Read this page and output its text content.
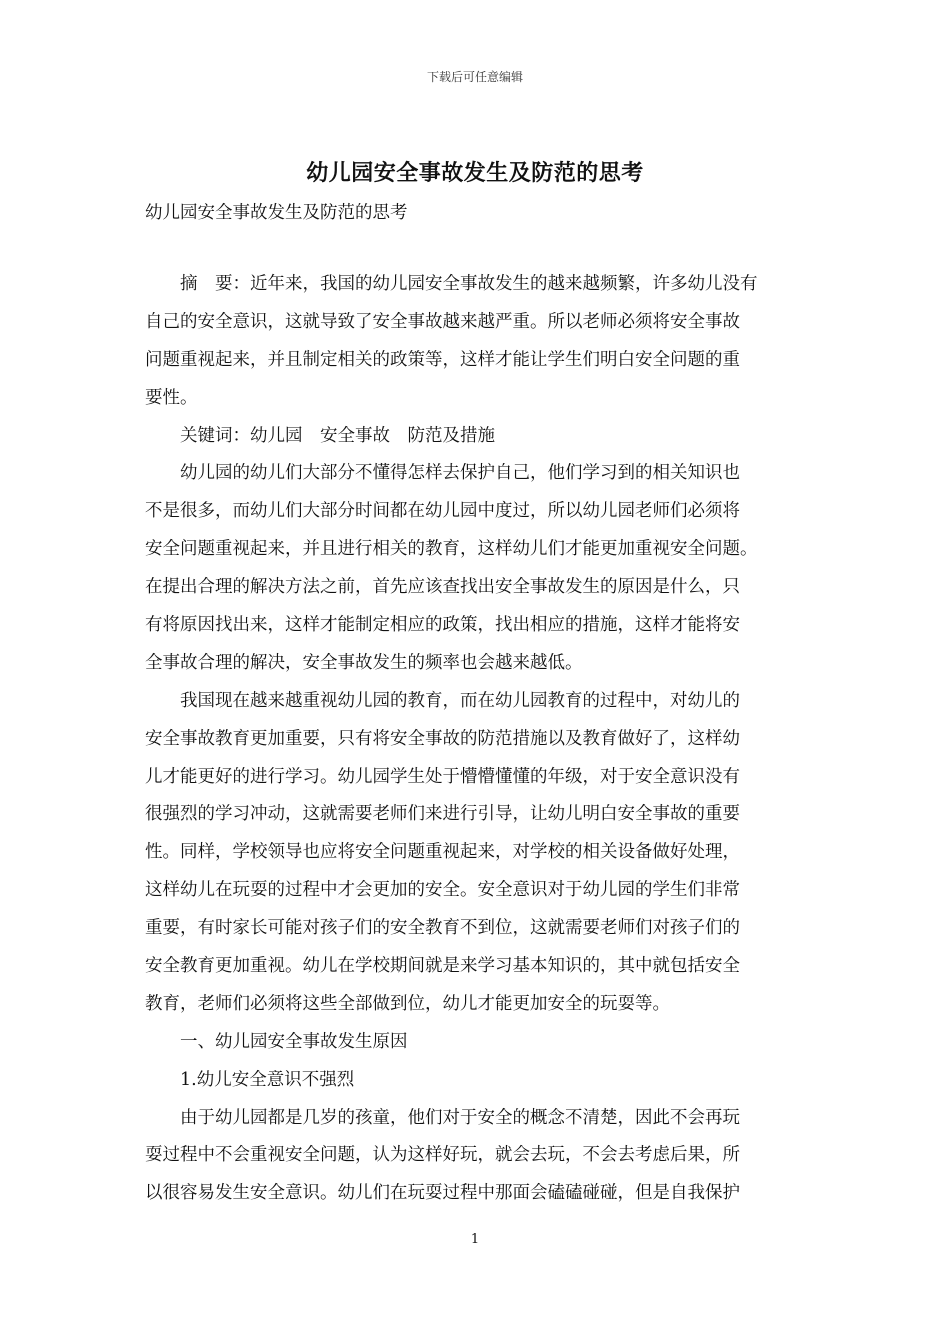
下载后可任意编辑
幼儿园安全事故发生及防范的思考
幼儿园安全事故发生及防范的思考
　　摘　要：近年来，我国的幼儿园安全事故发生的越来越频繁，许多幼儿没有
自己的安全意识，这就导致了安全事故越来越严重。所以老师必须将安全事故
问题重视起来，并且制定相关的政策等，这样才能让学生们明白安全问题的重
要性。
　　关键词：幼儿园　安全事故　防范及措施
　　幼儿园的幼儿们大部分不懂得怎样去保护自己，他们学习到的相关知识也
不是很多，而幼儿们大部分时间都在幼儿园中度过，所以幼儿园老师们必须将
安全问题重视起来，并且进行相关的教育，这样幼儿们才能更加重视安全问题。
在提出合理的解决方法之前，首先应该查找出安全事故发生的原因是什么，只
有将原因找出来，这样才能制定相应的政策，找出相应的措施，这样才能将安
全事故合理的解决，安全事故发生的频率也会越来越低。
　　我国现在越来越重视幼儿园的教育，而在幼儿园教育的过程中，对幼儿的
安全事故教育更加重要，只有将安全事故的防范措施以及教育做好了，这样幼
儿才能更好的进行学习。幼儿园学生处于懵懵懂懂的年级，对于安全意识没有
很强烈的学习冲动，这就需要老师们来进行引导，让幼儿明白安全事故的重要
性。同样，学校领导也应将安全问题重视起来，对学校的相关设备做好处理，
这样幼儿在玩耍的过程中才会更加的安全。安全意识对于幼儿园的学生们非常
重要，有时家长可能对孩子们的安全教育不到位，这就需要老师们对孩子们的
安全教育更加重视。幼儿在学校期间就是来学习基本知识的，其中就包括安全
教育，老师们必须将这些全部做到位，幼儿才能更加安全的玩耍等。
　　一、幼儿园安全事故发生原因
　　1.幼儿安全意识不强烈
　　由于幼儿园都是几岁的孩童，他们对于安全的概念不清楚，因此不会再玩
耍过程中不会重视安全问题，认为这样好玩，就会去玩，不会去考虑后果，所
以很容易发生安全意识。幼儿们在玩耍过程中那面会磕磕碰碰，但是自我保护
1
